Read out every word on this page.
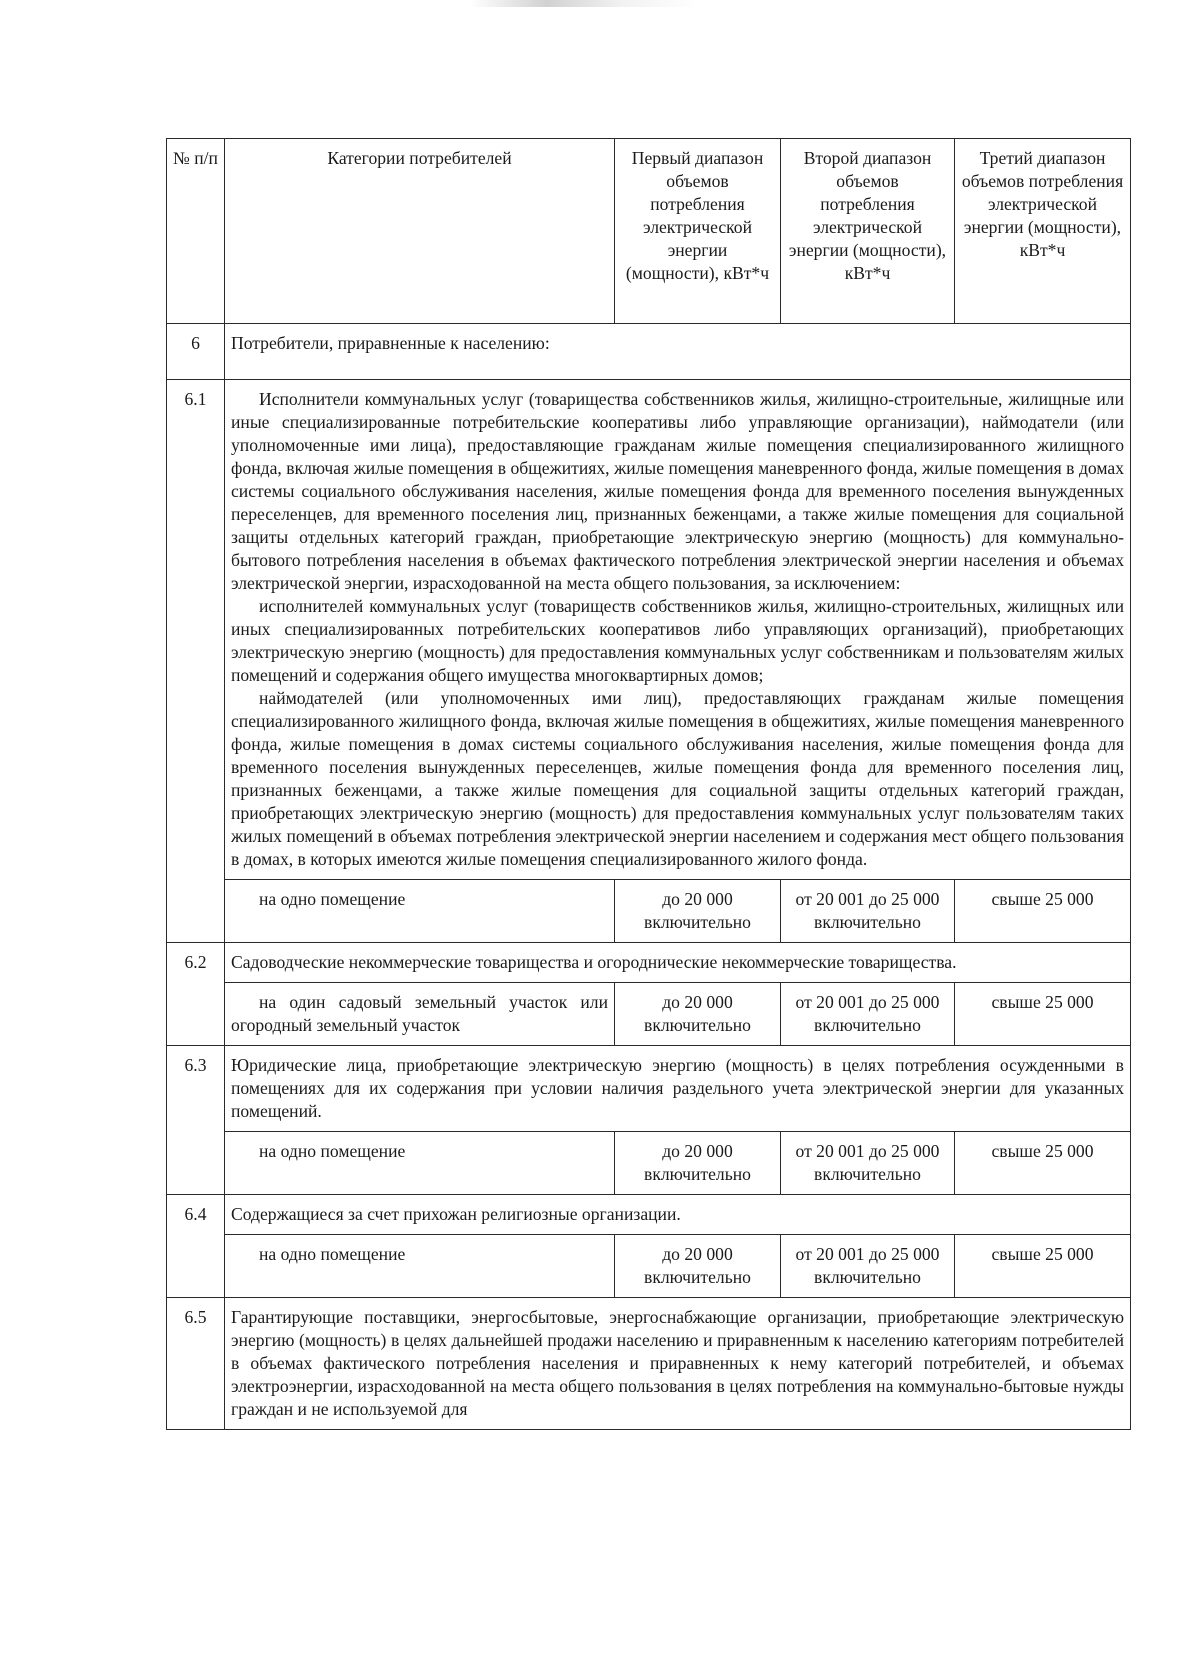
№ п/п	Категории потребителей	Первый диапазон объемов потребления электрической энергии (мощности), кВт*ч	Второй диапазон объемов потребления электрической энергии (мощности), кВт*ч	Третий диапазон объемов потребления электрической энергии (мощности), кВт*ч
6	Потребители, приравненные к населению:			
6.1	Исполнители коммунальных услуг (товарищества собственников жилья, жилищно-строительные, жилищные или иные специализированные потребительские кооперативы либо управляющие организации), наймодатели (или уполномоченные ими лица), предоставляющие гражданам жилые помещения специализированного жилищного фонда, включая жилые помещения в общежитиях, жилые помещения маневренного фонда, жилые помещения в домах системы социального обслуживания населения, жилые помещения фонда для временного поселения вынужденных переселенцев, для временного поселения лиц, признанных беженцами, а также жилые помещения для социальной защиты отдельных категорий граждан, приобретающие электрическую энергию (мощность) для коммунально-бытового потребления населения в объемах фактического потребления электрической энергии населения и объемах электрической энергии, израсходованной на места общего пользования, за исключением:

исполнителей коммунальных услуг (товариществ собственников жилья, жилищно-строительных, жилищных или иных специализированных потребительских кооперативов либо управляющих организаций), приобретающих электрическую энергию (мощность) для предоставления коммунальных услуг собственникам и пользователям жилых помещений и содержания общего имущества многоквартирных домов;

наймодателей (или уполномоченных ими лиц), предоставляющих гражданам жилые помещения специализированного жилищного фонда, включая жилые помещения в общежитиях, жилые помещения маневренного фонда, жилые помещения в домах системы социального обслуживания населения, жилые помещения фонда для временного поселения вынужденных переселенцев, жилые помещения фонда для временного поселения лиц, признанных беженцами, а также жилые помещения для социальной защиты отдельных категорий граждан, приобретающих электрическую энергию (мощность) для предоставления коммунальных услуг пользователям таких жилых помещений в объемах потребления электрической энергии населением и содержания мест общего пользования в домах, в которых имеются жилые помещения специализированного жилого фонда.			

	на одно помещение	до 20 000 включительно	от 20 001 до 25 000 включительно	свыше 25 000
6.2	Садоводческие некоммерческие товарищества и огороднические некоммерческие товарищества.			
	на один садовый земельный участок или огородный земельный участок	до 20 000 включительно	от 20 001 до 25 000 включительно	свыше 25 000
6.3	Юридические лица, приобретающие электрическую энергию (мощность) в целях потребления осужденными в помещениях для их содержания при условии наличия раздельного учета электрической энергии для указанных помещений.			
	на одно помещение	до 20 000 включительно	от 20 001 до 25 000 включительно	свыше 25 000
6.4	Содержащиеся за счет прихожан религиозные организации.			
	на одно помещение	до 20 000 включительно	от 20 001 до 25 000 включительно	свыше 25 000
6.5	Гарантирующие поставщики, энергосбытовые, энергоснабжающие организации, приобретающие электрическую энергию (мощность) в целях дальнейшей продажи населению и приравненным к населению категориям потребителей в объемах фактического потребления населения и приравненных к нему категорий потребителей, и объемах электроэнергии, израсходованной на места общего пользования в целях потребления на коммунально-бытовые нужды граждан и не используемой для			
